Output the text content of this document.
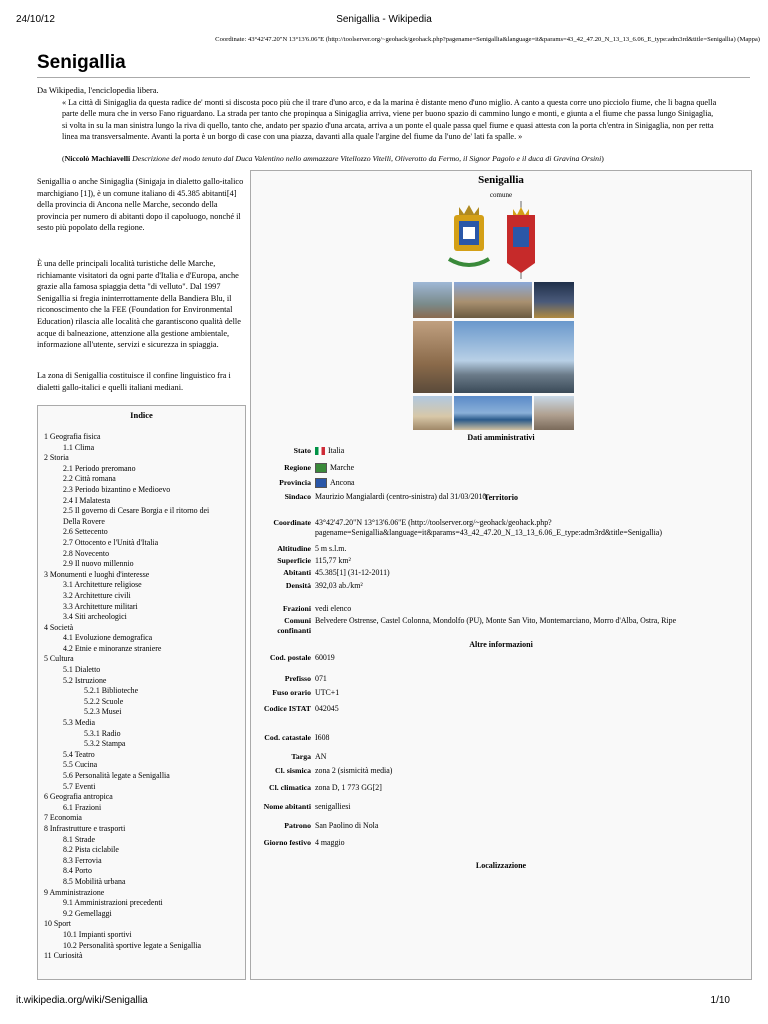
24/10/12	Senigallia - Wikipedia
Coordinate: 43°42'47.20"N 13°13'6.06"E (http://toolserver.org/~geohack/geohack.php?pagename=Senigallia&language=it&params=43_42_47.20_N_13_13_6.06_E_type:adm3rd&title=Senigallia) (Mappa)
Senigallia
Da Wikipedia, l'enciclopedia libera.
« La città di Sinigaglia da questa radice de' monti si discosta poco più che il trare d'uno arco, e da la marina è distante meno d'uno miglio. A canto a questa corre uno picciolo fiume, che li bagna quella parte delle mura che in verso Fano riguardano. La strada per tanto che propinqua a Sinigaglia arriva, viene per buono spazio di cammino lungo e monti, e giunta a el fiume che passa lungo Sinigaglia, si volta in su la man sinistra lungo la riva di quello, tanto che, andato per spazio d'una arcata, arriva a un ponte el quale passa quel fiume e quasi attesta con la porta ch'entra in Sinigaglia, non per retta linea ma transversalmente. Avanti la porta è un borgo di case con una piazza, davanti alla quale l'argine del fiume da l'uno de' lati fa spalle. »
(Niccolò Machiavelli Descrizione del modo tenuto dal Duca Valentino nello ammazzare Vitellozzo Vitelli, Oliverotto da Fermo, il Signor Pagolo e il duca di Gravina Orsini)
Senigallia o anche Sinigaglia (Sinigaja in dialetto gallo-italico marchigiano [1]), è un comune italiano di 45.385 abitanti[4] della provincia di Ancona nelle Marche, secondo della provincia per numero di abitanti dopo il capoluogo, nonché il sesto più popolato della regione.
È una delle principali località turistiche delle Marche, richiamante visitatori da ogni parte d'Italia e d'Europa, anche grazie alla famosa spiaggia detta "di velluto". Dal 1997 Senigallia si fregia ininterrottamente della Bandiera Blu, il riconoscimento che la FEE (Foundation for Environmental Education) rilascia alle località che garantiscono qualità delle acque di balneazione, attenzione alla gestione ambientale, informazione all'utente, servizi e sicurezza in spiaggia.
La zona di Senigallia costituisce il confine linguistico fra i dialetti gallo-italici e quelli italiani mediani.
Indice
1 Geografia fisica
1.1 Clima
2 Storia
2.1 Periodo preromano
2.2 Città romana
2.3 Periodo bizantino e Medioevo
2.4 I Malatesta
2.5 Il governo di Cesare Borgia e il ritorno dei
Della Rovere
2.6 Settecento
2.7 Ottocento e l'Unità d'Italia
2.8 Novecento
2.9 Il nuovo millennio
3 Monumenti e luoghi d'interesse
3.1 Architetture religiose
3.2 Architetture civili
3.3 Architetture militari
3.4 Siti archeologici
4 Società
4.1 Evoluzione demografica
4.2 Etnie e minoranze straniere
5 Cultura
5.1 Dialetto
5.2 Istruzione
5.2.1 Biblioteche
5.2.2 Scuole
5.2.3 Musei
5.3 Media
5.3.1 Radio
5.3.2 Stampa
5.4 Teatro
5.5 Cucina
5.6 Personalità legate a Senigallia
5.7 Eventi
6 Geografia antropica
6.1 Frazioni
7 Economia
8 Infrastrutture e trasporti
8.1 Strade
8.2 Pista ciclabile
8.3 Ferrovia
8.4 Porto
8.5 Mobilità urbana
9 Amministrazione
9.1 Amministrazioni precedenti
9.2 Gemellaggi
10 Sport
10.1 Impianti sportivi
10.2 Personalità sportive legate a Senigallia
11 Curiosità
Senigallia
comune
Dati amministrativi
Territorio
Altre informazioni
Localizzazione
Stato	Italia
Regione	Marche
Provincia	Ancona
Sindaco Maurizio Mangialardi (centro-sinistra) dal 31/03/2010
Coordinate 43°42'47.20"N 13°13'6.06"E (http://toolserver.org/~geohack/geohack.php?pagename=Senigallia&language=it&params=43_42_47.20_N_13_13_6.06_E_type:adm3rd&title=Senigallia)
Altitudine 5 m s.l.m.
Superficie 115,77 km²
Abitanti 45.385[1] (31-12-2011)
Densità 392,03 ab./km²
Frazioni vedi elenco
Comuni confinanti
Belvedere Ostrense, Castel Colonna, Mondolfo (PU), Monte San Vito, Montemarciano, Morro d'Alba, Ostra, Ripe
Cod. postale 60019
Prefisso 071
Fuso orario UTC+1
Codice ISTAT 042045
Cod. catastale I608
Targa AN
Cl. sismica zona 2 (sismicità media)
Cl. climatica zona D, 1 773 GG[2]
Nome abitanti senigalliesi
Patrono San Paolino di Nola
Giorno festivo 4 maggio
it.wikipedia.org/wiki/Senigallia	1/10
